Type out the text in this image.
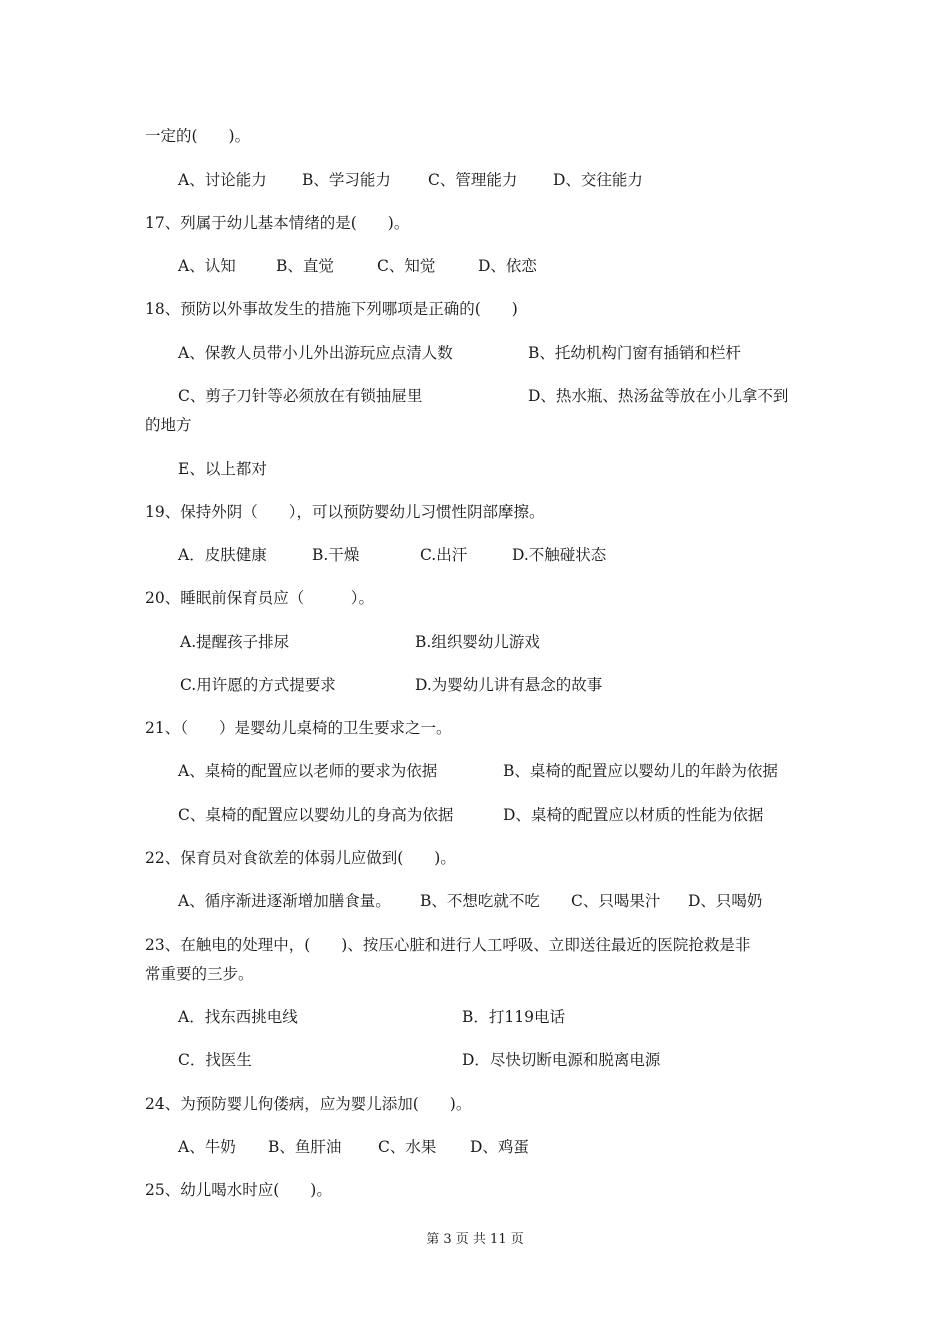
一定的(　　)。
A、讨论能力 B、学习能力 C、管理能力 D、交往能力
17、列属于幼儿基本情绪的是(　　)。
A、认知	B、直觉	C、知觉	D、依恋
18、预防以外事故发生的措施下列哪项是正确的(　　)
A、保教人员带小儿外出游玩应点清人数	B、托幼机构门窗有插销和栏杆
C、剪子刀针等必须放在有锁抽屉里	D、热水瓶、热汤盆等放在小儿拿不到
的地方
E、以上都对
19、保持外阴（　　），可以预防婴幼儿习惯性阴部摩擦。
A．皮肤健康	B.干燥	C.出汗	D.不触碰状态
20、睡眠前保育员应（　　　）。
A.提醒孩子排尿	B.组织婴幼儿游戏
C.用许愿的方式提要求	D.为婴幼儿讲有悬念的故事
21、（　　）是婴幼儿桌椅的卫生要求之一。
A、桌椅的配置应以老师的要求为依据	B、桌椅的配置应以婴幼儿的年龄为依据
C、桌椅的配置应以婴幼儿的身高为依据	D、桌椅的配置应以材质的性能为依据
22、保育员对食欲差的体弱儿应做到(　　)。
A、循序渐进逐渐增加膳食量。 B、不想吃就不吃 C、只喝果汁 D、只喝奶
23、在触电的处理中，(　　)、按压心脏和进行人工呼吸、立即送往最近的医院抢救是非
常重要的三步。
A．找东西挑电线	B．打119电话
C．找医生	D．尽快切断电源和脱离电源
24、为预防婴儿佝偻病，应为婴儿添加(　　)。
A、牛奶 B、鱼肝油 C、水果 D、鸡蛋
25、幼儿喝水时应(　　)。
第 3 页 共 11 页
